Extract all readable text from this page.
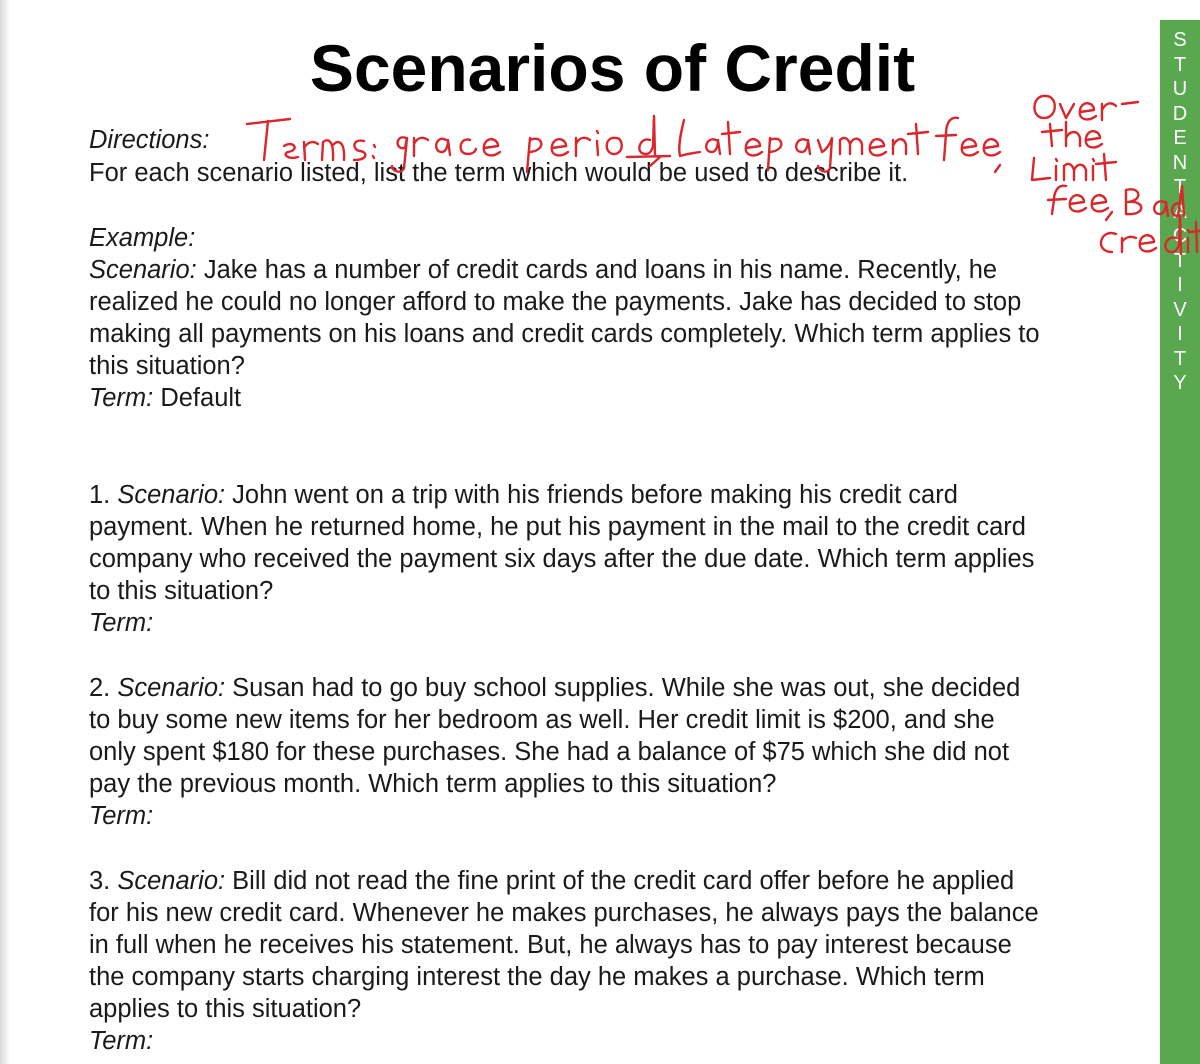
Scenarios of Credit
Directions:
For each scenario listed, list the term which would be used to describe it.
Example:
Scenario: Jake has a number of credit cards and loans in his name. Recently, he
realized he could no longer afford to make the payments. Jake has decided to stop
making all payments on his loans and credit cards completely. Which term applies to
this situation?
Term: Default
1. Scenario: John went on a trip with his friends before making his credit card
payment. When he returned home, he put his payment in the mail to the credit card
company who received the payment six days after the due date. Which term applies
to this situation?
Term:
2. Scenario: Susan had to go buy school supplies. While she was out, she decided
to buy some new items for her bedroom as well. Her credit limit is $200, and she
only spent $180 for these purchases. She had a balance of $75 which she did not
pay the previous month. Which term applies to this situation?
Term:
3. Scenario: Bill did not read the fine print of the credit card offer before he applied
for his new credit card. Whenever he makes purchases, he always pays the balance
in full when he receives his statement. But, he always has to pay interest because
the company starts charging interest the day he makes a purchase. Which term
applies to this situation?
Term:
S
T
U
D
E
N
T
A
C
T
I
V
I
T
Y
